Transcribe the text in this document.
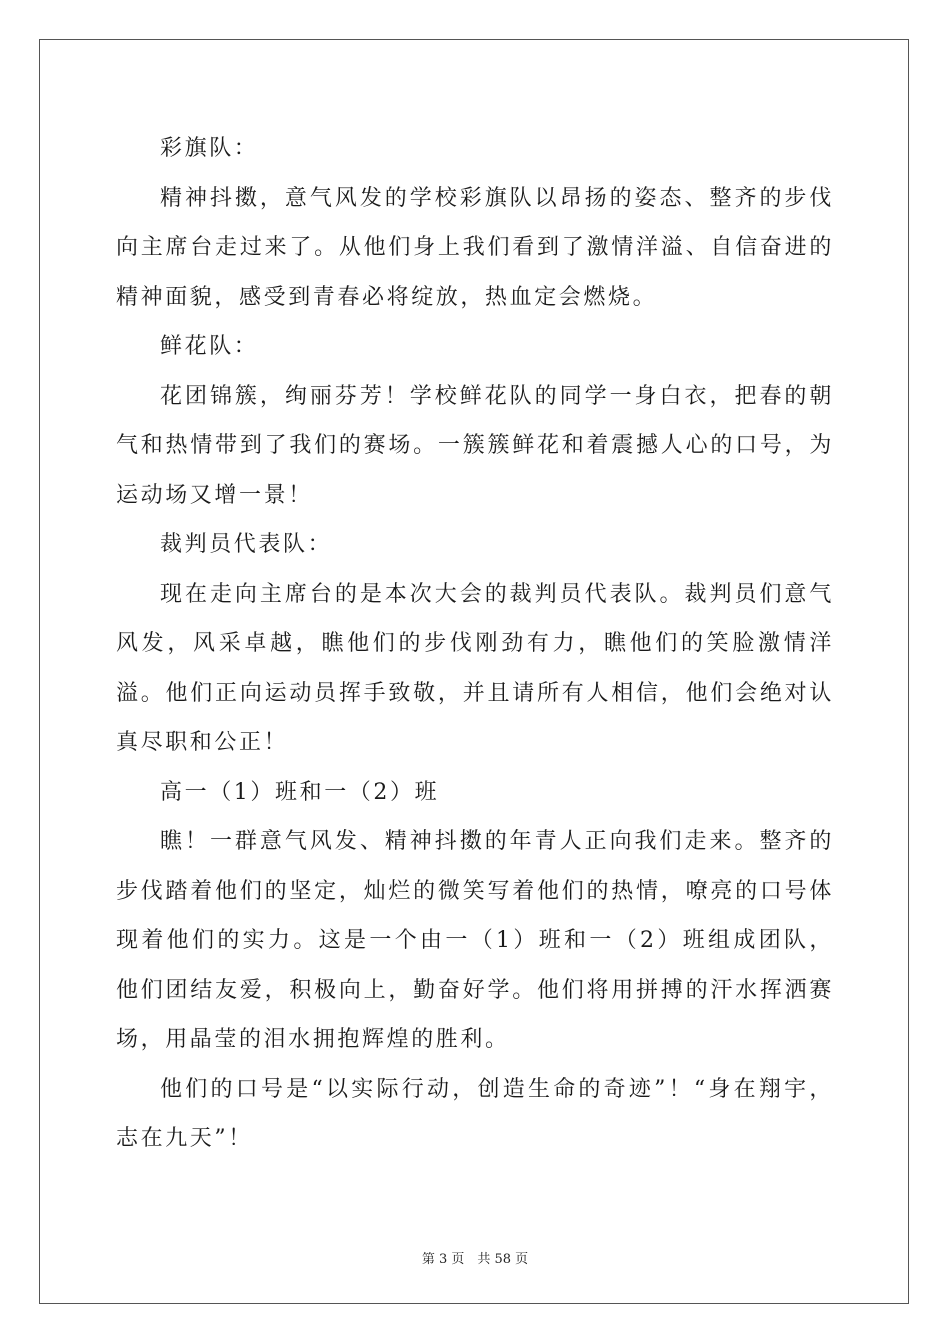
彩旗队：

精神抖擞，意气风发的学校彩旗队以昂扬的姿态、整齐的步伐向主席台走过来了。从他们身上我们看到了激情洋溢、自信奋进的精神面貌，感受到青春必将绽放，热血定会燃烧。

鲜花队：

花团锦簇，绚丽芬芳！学校鲜花队的同学一身白衣，把春的朝气和热情带到了我们的赛场。一簇簇鲜花和着震撼人心的口号，为运动场又增一景！

裁判员代表队：

现在走向主席台的是本次大会的裁判员代表队。裁判员们意气风发，风采卓越，瞧他们的步伐刚劲有力，瞧他们的笑脸激情洋溢。他们正向运动员挥手致敬，并且请所有人相信，他们会绝对认真尽职和公正！

高一（1）班和一（2）班

瞧！一群意气风发、精神抖擞的年青人正向我们走来。整齐的步伐踏着他们的坚定，灿烂的微笑写着他们的热情，嘹亮的口号体现着他们的实力。这是一个由一（1）班和一（2）班组成团队，他们团结友爱，积极向上，勤奋好学。他们将用拼搏的汗水挥洒赛场，用晶莹的泪水拥抱辉煌的胜利。

他们的口号是“以实际行动，创造生命的奇迹”！“身在翔宇，志在九天”！

第 3 页　共 58 页
